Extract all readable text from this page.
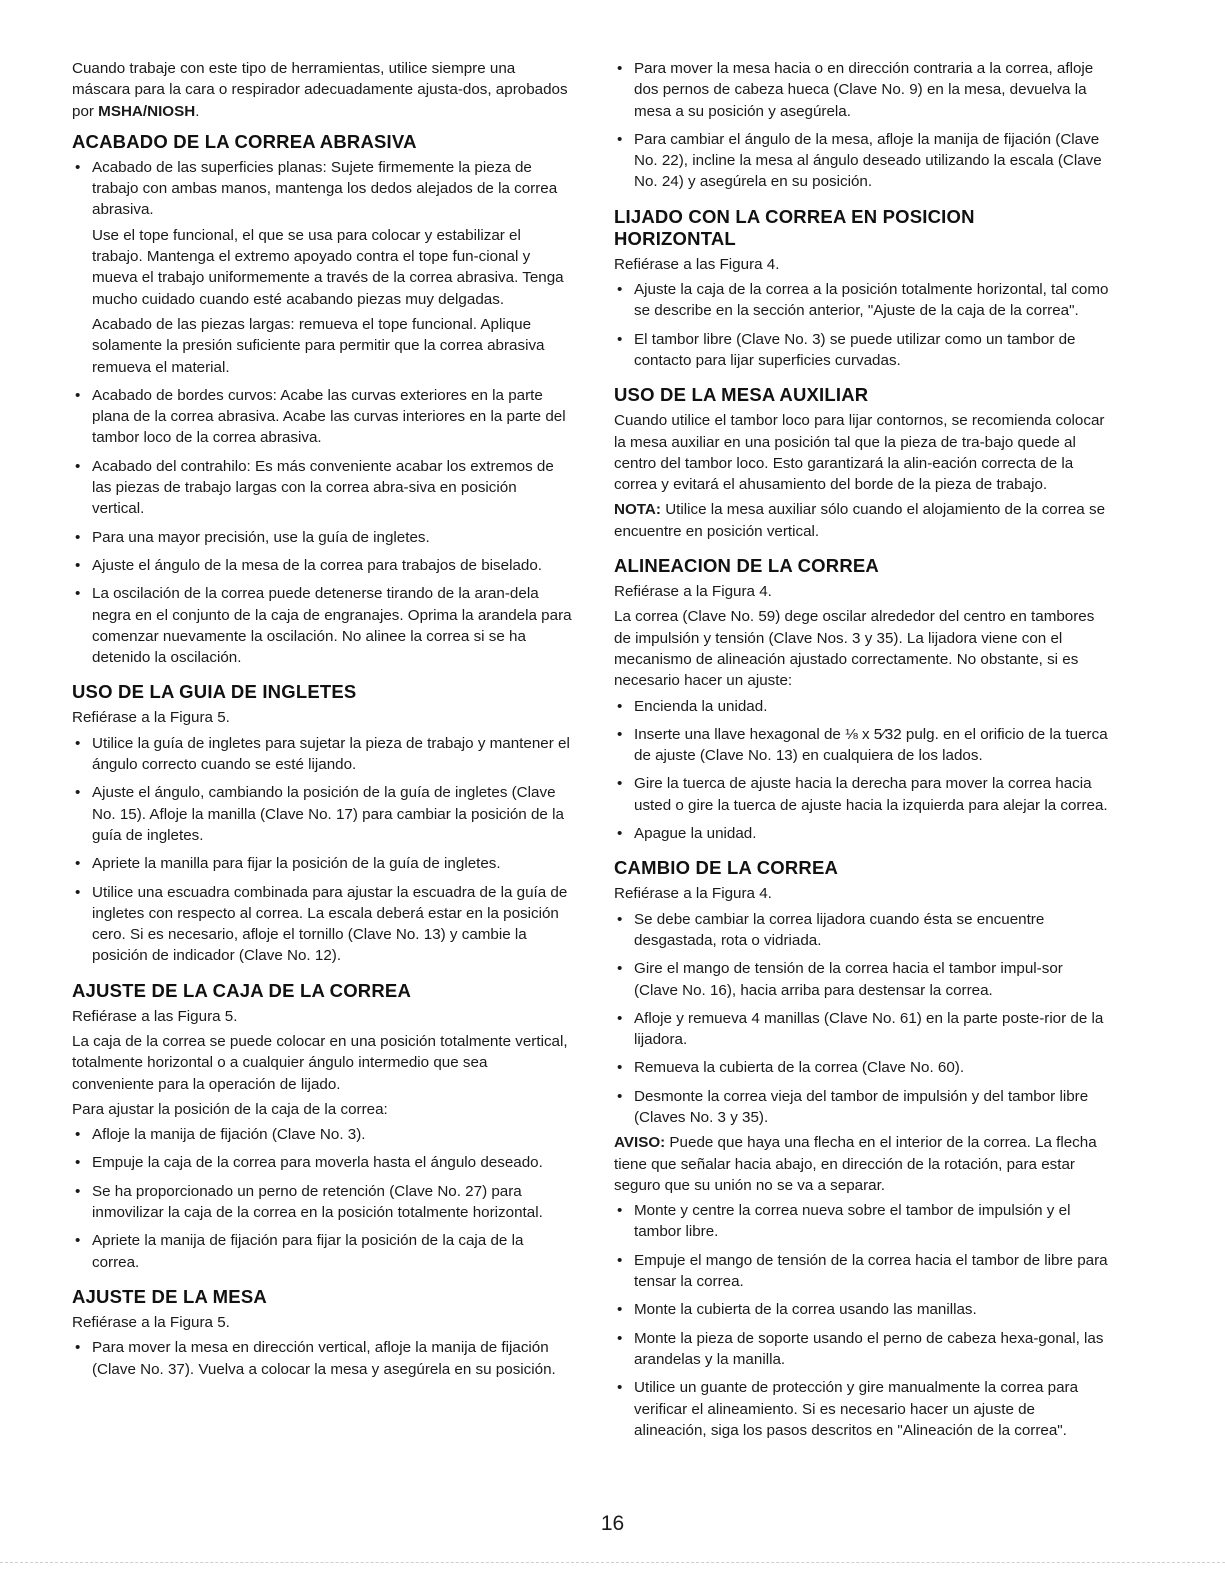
Cuando trabaje con este tipo de herramientas, utilice siempre una máscara para la cara o respirador adecuadamente ajusta-dos, aprobados por MSHA/NIOSH.

ACABADO DE LA CORREA ABRASIVA
• Acabado de las superficies planas: Sujete firmemente la pieza de trabajo con ambas manos, mantenga los dedos alejados de la correa abrasiva.
Use el tope funcional, el que se usa para colocar y estabilizar el trabajo. Mantenga el extremo apoyado contra el tope fun-cional y mueva el trabajo uniformemente a través de la correa abrasiva. Tenga mucho cuidado cuando esté acabando piezas muy delgadas.
Acabado de las piezas largas: remueva el tope funcional. Aplique solamente la presión suficiente para permitir que la correa abrasiva remueva el material.
• Acabado de bordes curvos: Acabe las curvas exteriores en la parte plana de la correa abrasiva. Acabe las curvas interiores en la parte del tambor loco de la correa abrasiva.
• Acabado del contrahilo: Es más conveniente acabar los extremos de las piezas de trabajo largas con la correa abra-siva en posición vertical.
• Para una mayor precisión, use la guía de ingletes.
• Ajuste el ángulo de la mesa de la correa para trabajos de biselado.
• La oscilación de la correa puede detenerse tirando de la aran-dela negra en el conjunto de la caja de engranajes. Oprima la arandela para comenzar nuevamente la oscilación. No alinee la correa si se ha detenido la oscilación.
USO DE LA GUIA DE INGLETES

Refiérase a la Figura 5.

• Utilice la guía de ingletes para sujetar la pieza de trabajo y mantener el ángulo correcto cuando se esté lijando.
• Ajuste el ángulo, cambiando la posición de la guía de ingletes (Clave No. 15). Afloje la manilla (Clave No. 17) para cambiar la posición de la guía de ingletes.
• Apriete la manilla para fijar la posición de la guía de ingletes.
• Utilice una escuadra combinada para ajustar la escuadra de la guía de ingletes con respecto al correa. La escala deberá estar en la posición cero. Si es necesario, afloje el tornillo (Clave No. 13) y cambie la posición de indicador (Clave No. 12).
AJUSTE DE LA CAJA DE LA CORREA

Refiérase a las Figura 5.

La caja de la correa se puede colocar en una posición totalmente vertical, totalmente horizontal o a cualquier ángulo intermedio que sea conveniente para la operación de lijado.

Para ajustar la posición de la caja de la correa:

• Afloje la manija de fijación (Clave No. 3).
• Empuje la caja de la correa para moverla hasta el ángulo deseado.
• Se ha proporcionado un perno de retención (Clave No. 27) para inmovilizar la caja de la correa en la posición totalmente horizontal.
• Apriete la manija de fijación para fijar la posición de la caja de la correa.
AJUSTE DE LA MESA

Refiérase a la Figura 5.

• Para mover la mesa en dirección vertical, afloje la manija de fijación (Clave No. 37). Vuelva a colocar la mesa y asegúrela en su posición.
• Para mover la mesa hacia o en dirección contraria a la correa, afloje dos pernos de cabeza hueca (Clave No. 9) en la mesa, devuelva la mesa a su posición y asegúrela.
• Para cambiar el ángulo de la mesa, afloje la manija de fijación (Clave No. 22), incline la mesa al ángulo deseado utilizando la escala (Clave No. 24) y asegúrela en su posición.
LIJADO CON LA CORREA EN POSICION
HORIZONTAL

Refiérase a las Figura 4.

• Ajuste la caja de la correa a la posición totalmente horizontal, tal como se describe en la sección anterior, "Ajuste de la caja de la correa".
• El tambor libre (Clave No. 3) se puede utilizar como un tambor de contacto para lijar superficies curvadas.
USO DE LA MESA AUXILIAR

Cuando utilice el tambor loco para lijar contornos, se recomienda colocar la mesa auxiliar en una posición tal que la pieza de tra-bajo quede al centro del tambor loco. Esto garantizará la alin-eación correcta de la correa y evitará el ahusamiento del borde de la pieza de trabajo.

NOTA: Utilice la mesa auxiliar sólo cuando el alojamiento de la correa se encuentre en posición vertical.

ALINEACION DE LA CORREA

Refiérase a la Figura 4.

La correa (Clave No. 59) dege oscilar alrededor del centro en tambores de impulsión y tensión (Clave Nos. 3 y 35). La lijadora viene con el mecanismo de alineación ajustado correctamente. No obstante, si es necesario hacer un ajuste:

• Encienda la unidad.
• Inserte una llave hexagonal de ⅛ x 5⁄32 pulg. en el orificio de la tuerca de ajuste (Clave No. 13) en cualquiera de los lados.
• Gire la tuerca de ajuste hacia la derecha para mover la correa hacia usted o gire la tuerca de ajuste hacia la izquierda para alejar la correa.
• Apague la unidad.
CAMBIO DE LA CORREA

Refiérase a la Figura 4.

• Se debe cambiar la correa lijadora cuando ésta se encuentre desgastada, rota o vidriada.
• Gire el mango de tensión de la correa hacia el tambor impul-sor (Clave No. 16), hacia arriba para destensar la correa.
• Afloje y remueva 4 manillas (Clave No. 61) en la parte poste-rior de la lijadora.
• Remueva la cubierta de la correa (Clave No. 60).
• Desmonte la correa vieja del tambor de impulsión y del tambor libre (Claves No. 3 y 35).

AVISO: Puede que haya una flecha en el interior de la correa. La flecha tiene que señalar hacia abajo, en dirección de la rotación, para estar seguro que su unión no se va a separar.

• Monte y centre la correa nueva sobre el tambor de impulsión y el tambor libre.
• Empuje el mango de tensión de la correa hacia el tambor de libre para tensar la correa.
• Monte la cubierta de la correa usando las manillas.
• Monte la pieza de soporte usando el perno de cabeza hexa-gonal, las arandelas y la manilla.
• Utilice un guante de protección y gire manualmente la correa para verificar el alineamiento. Si es necesario hacer un ajuste de alineación, siga los pasos descritos en "Alineación de la correa".
16
